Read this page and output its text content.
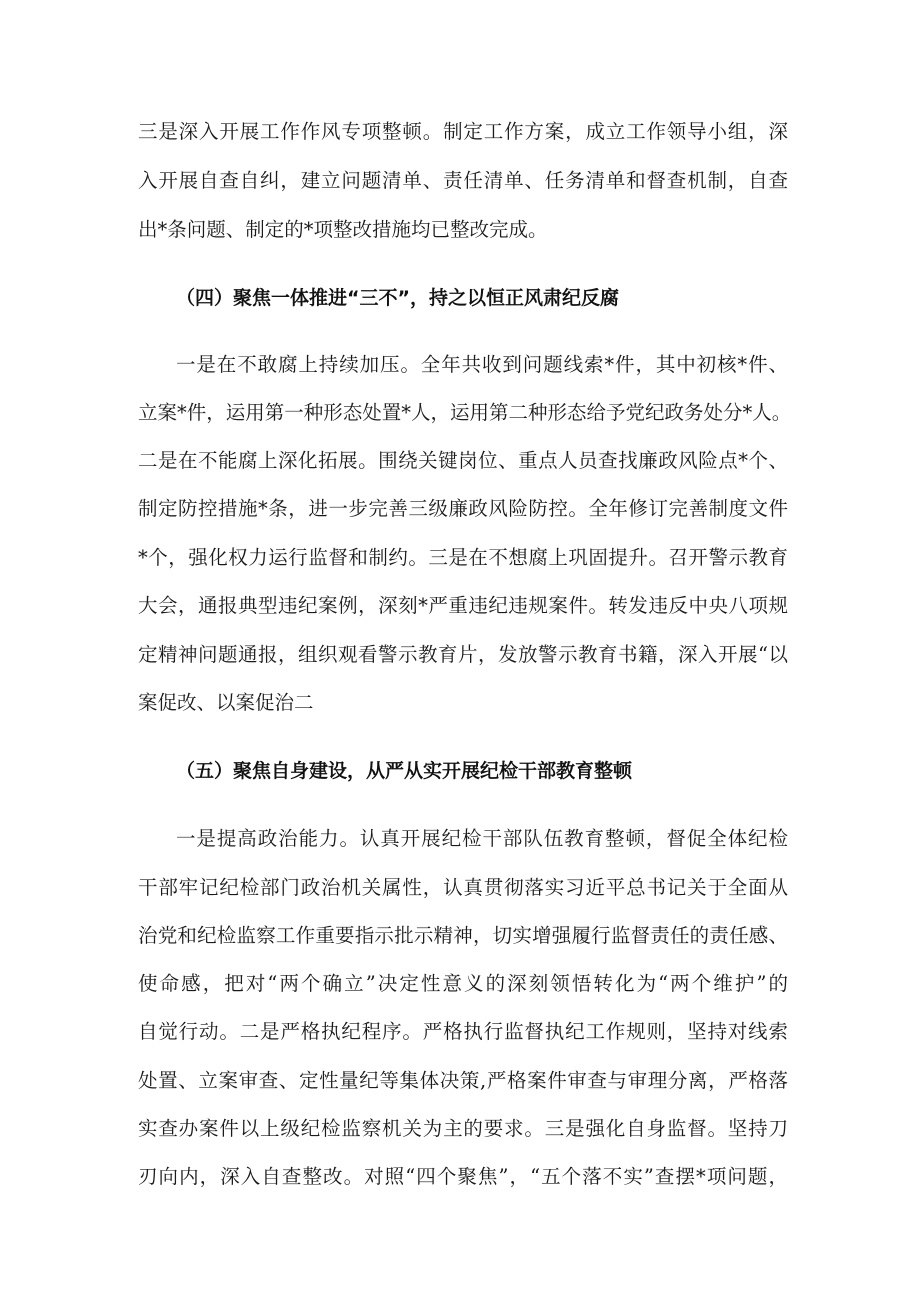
三是深入开展工作作风专项整顿。制定工作方案，成立工作领导小组，深
入开展自查自纠，建立问题清单、责任清单、任务清单和督查机制，自查
出*条问题、制定的*项整改措施均已整改完成。
（四）聚焦一体推进“三不”，持之以恒正风肃纪反腐
一是在不敢腐上持续加压。全年共收到问题线索*件，其中初核*件、
立案*件，运用第一种形态处置*人，运用第二种形态给予党纪政务处分*人。
二是在不能腐上深化拓展。围绕关键岗位、重点人员查找廉政风险点*个、
制定防控措施*条，进一步完善三级廉政风险防控。全年修订完善制度文件
*个，强化权力运行监督和制约。三是在不想腐上巩固提升。召开警示教育
大会，通报典型违纪案例，深刻*严重违纪违规案件。转发违反中央八项规
定精神问题通报，组织观看警示教育片，发放警示教育书籍，深入开展“以
案促改、以案促治二
（五）聚焦自身建设，从严从实开展纪检干部教育整顿
一是提高政治能力。认真开展纪检干部队伍教育整顿，督促全体纪检
干部牢记纪检部门政治机关属性，认真贯彻落实习近平总书记关于全面从
治党和纪检监察工作重要指示批示精神，切实增强履行监督责任的责任感、
使命感，把对“两个确立”决定性意义的深刻领悟转化为“两个维护”的
自觉行动。二是严格执纪程序。严格执行监督执纪工作规则，坚持对线索
处置、立案审查、定性量纪等集体决策,严格案件审查与审理分离，严格落
实查办案件以上级纪检监察机关为主的要求。三是强化自身监督。坚持刀
刃向内，深入自查整改。对照“四个聚焦”，“五个落不实”查摆*项问题，
